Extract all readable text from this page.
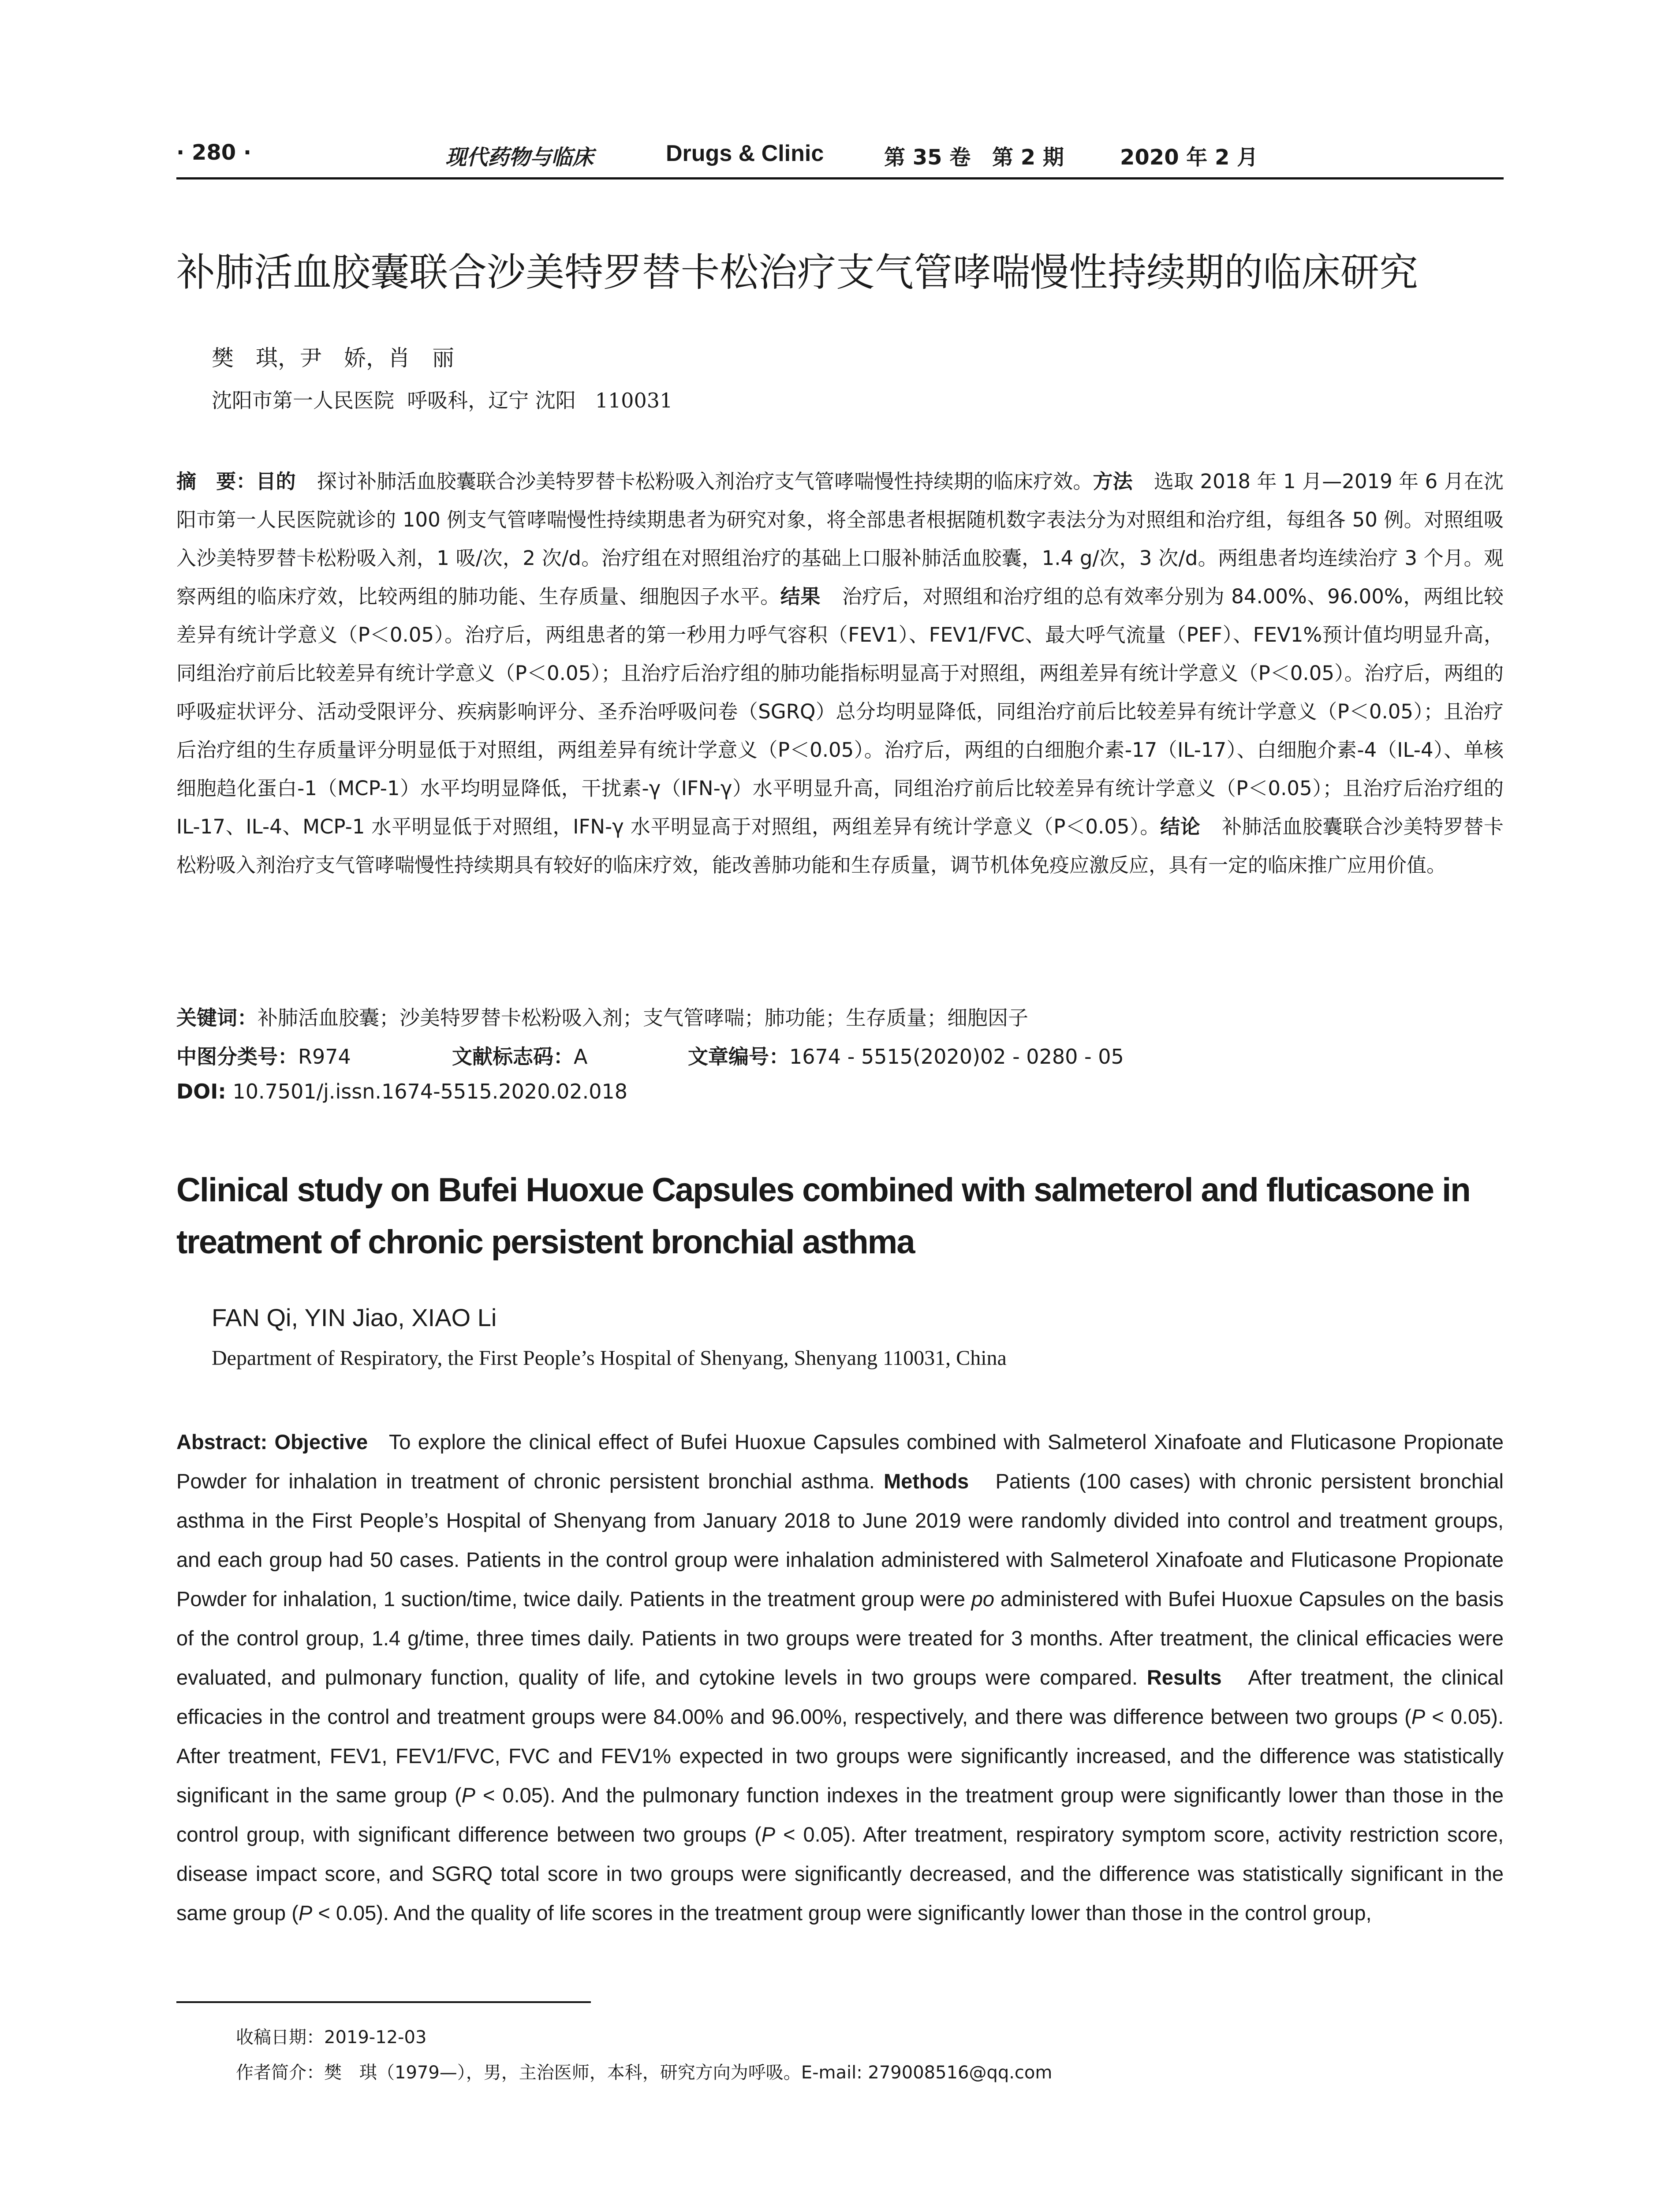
· 280 ·	现代药物与临床	Drugs & Clinic	第 35 卷 第 2 期	2020 年 2 月
补肺活血胶囊联合沙美特罗替卡松治疗支气管哮喘慢性持续期的临床研究
樊　琪，尹　娇，肖　丽
沈阳市第一人民医院  呼吸科，辽宁 沈阳   110031

摘　要：目的 探讨补肺活血胶囊联合沙美特罗替卡松粉吸入剂治疗支气管哮喘慢性持续期的临床疗效。方法 选取 2018 年 1 月—2019 年 6 月在沈阳市第一人民医院就诊的 100 例支气管哮喘慢性持续期患者为研究对象，将全部患者根据随机数字表法分为对照组和治疗组，每组各 50 例。对照组吸入沙美特罗替卡松粉吸入剂，1 吸/次，2 次/d。治疗组在对照组治疗的基础上口服补肺活血胶囊，1.4 g/次，3 次/d。两组患者均连续治疗 3 个月。观察两组的临床疗效，比较两组的肺功能、生存质量、细胞因子水平。结果 治疗后，对照组和治疗组的总有效率分别为 84.00%、96.00%，两组比较差异有统计学意义（P＜0.05）。治疗后，两组患者的第一秒用力呼气容积（FEV1）、FEV1/FVC、最大呼气流量（PEF）、FEV1%预计值均明显升高，同组治疗前后比较差异有统计学意义（P＜0.05）；且治疗后治疗组的肺功能指标明显高于对照组，两组差异有统计学意义（P＜0.05）。治疗后，两组的呼吸症状评分、活动受限评分、疾病影响评分、圣乔治呼吸问卷（SGRQ）总分均明显降低，同组治疗前后比较差异有统计学意义（P＜0.05）；且治疗后治疗组的生存质量评分明显低于对照组，两组差异有统计学意义（P＜0.05）。治疗后，两组的白细胞介素-17（IL-17）、白细胞介素-4（IL-4）、单核细胞趋化蛋白-1（MCP-1）水平均明显降低，干扰素-γ（IFN-γ）水平明显升高，同组治疗前后比较差异有统计学意义（P＜0.05）；且治疗后治疗组的 IL-17、IL-4、MCP-1 水平明显低于对照组，IFN-γ 水平明显高于对照组，两组差异有统计学意义（P＜0.05）。结论 补肺活血胶囊联合沙美特罗替卡松粉吸入剂治疗支气管哮喘慢性持续期具有较好的临床疗效，能改善肺功能和生存质量，调节机体免疫应激反应，具有一定的临床推广应用价值。

关键词：补肺活血胶囊；沙美特罗替卡松粉吸入剂；支气管哮喘；肺功能；生存质量；细胞因子
中图分类号：R974	文献标志码：A	文章编号：1674 - 5515(2020)02 - 0280 - 05
DOI: 10.7501/j.issn.1674-5515.2020.02.018
Clinical study on Bufei Huoxue Capsules combined with salmeterol and fluticasone in treatment of chronic persistent bronchial asthma
FAN Qi, YIN Jiao, XIAO Li
Department of Respiratory, the First People’s Hospital of Shenyang, Shenyang 110031, China

Abstract: Objective To explore the clinical effect of Bufei Huoxue Capsules combined with Salmeterol Xinafoate and Fluticasone Propionate Powder for inhalation in treatment of chronic persistent bronchial asthma. Methods Patients (100 cases) with chronic persistent bronchial asthma in the First People’s Hospital of Shenyang from January 2018 to June 2019 were randomly divided into control and treatment groups, and each group had 50 cases. Patients in the control group were inhalation administered with Salmeterol Xinafoate and Fluticasone Propionate Powder for inhalation, 1 suction/time, twice daily. Patients in the treatment group were po administered with Bufei Huoxue Capsules on the basis of the control group, 1.4 g/time, three times daily. Patients in two groups were treated for 3 months. After treatment, the clinical efficacies were evaluated, and pulmonary function, quality of life, and cytokine levels in two groups were compared. Results After treatment, the clinical efficacies in the control and treatment groups were 84.00% and 96.00%, respectively, and there was difference between two groups (P < 0.05). After treatment, FEV1, FEV1/FVC, FVC and FEV1% expected in two groups were significantly increased, and the difference was statistically significant in the same group (P < 0.05). And the pulmonary function indexes in the treatment group were significantly lower than those in the control group, with significant difference between two groups (P < 0.05). After treatment, respiratory symptom score, activity restriction score, disease impact score, and SGRQ total score in two groups were significantly decreased, and the difference was statistically significant in the same group (P < 0.05). And the quality of life scores in the treatment group were significantly lower than those in the control group,

收稿日期：2019-12-03
作者简介：樊　琪（1979—），男，主治医师，本科，研究方向为呼吸。E-mail: 279008516@qq.com
